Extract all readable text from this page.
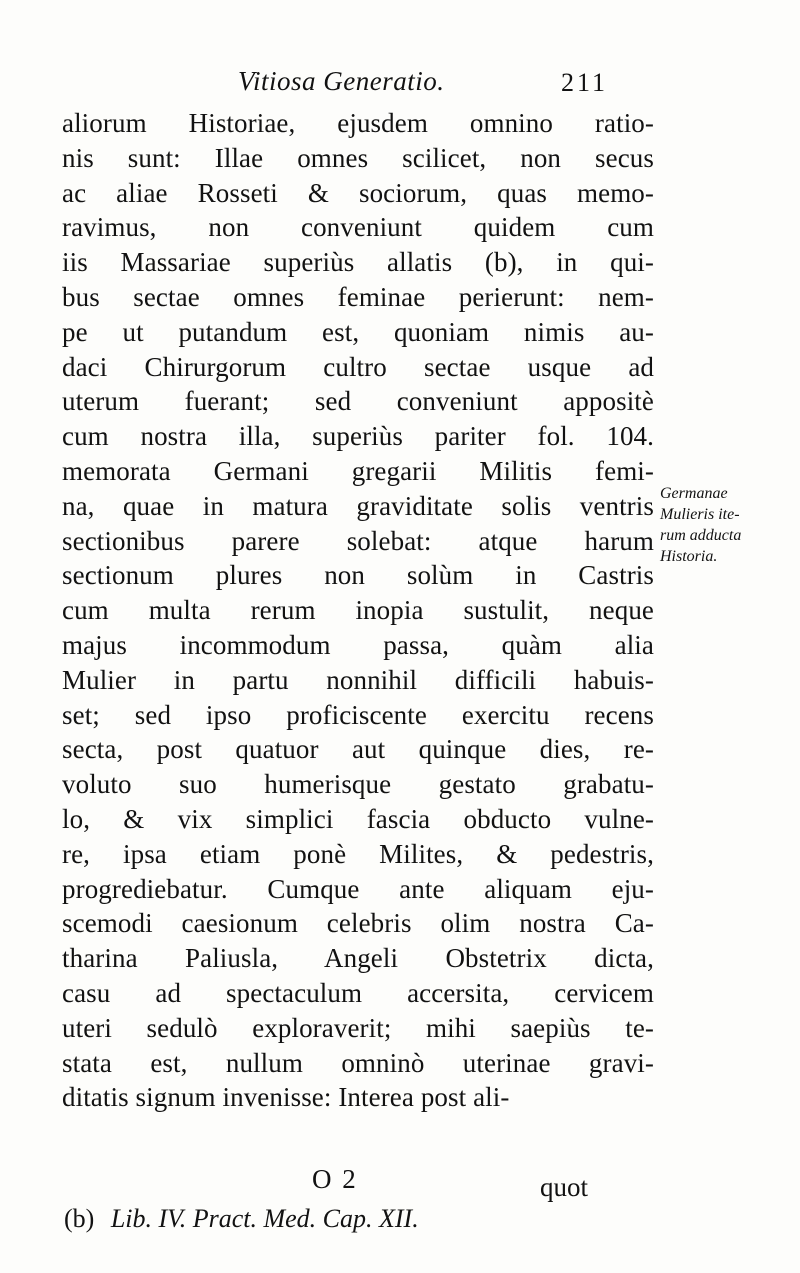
Vitiosa Generatio.	211
aliorum Historiae, ejusdem omnino ratio-
nis sunt: Illae omnes scilicet, non secus
ac aliae Rosseti & sociorum, quas memo-
ravimus, non conveniunt quidem cum
iis Massariae superiùs allatis (b), in qui-
bus sectae omnes feminae perierunt: nem-
pe ut putandum est, quoniam nimis au-
daci Chirurgorum cultro sectae usque ad
uterum fuerant; sed conveniunt appositè
cum nostra illa, superiùs pariter fol. 104.
memorata Germani gregarii Militis femi-
na, quae in matura graviditate solis ventris
sectionibus parere solebat: atque harum
sectionum plures non solùm in Castris
cum multa rerum inopia sustulit, neque
majus incommodum passa, quàm alia
Mulier in partu nonnihil difficili habuis-
set; sed ipso proficiscente exercitu recens
secta, post quatuor aut quinque dies, re-
voluto suo humerisque gestato grabatu-
lo, & vix simplici fascia obducto vulne-
re, ipsa etiam ponè Milites, & pedestris,
progrediebatur. Cumque ante aliquam eju-
scemodi caesionum celebris olim nostra Ca-
tharina Paliusla, Angeli Obstetrix dicta,
casu ad spectaculum accersita, cervicem
uteri sedulò exploraverit; mihi saepiùs te-
stata est, nullum omninò uterinae gravi-
ditatis signum invenisse: Interea post ali-
Germanae
Mulieris ite-
rum adducta
Historia.
O 2	quot
(b) Lib. IV. Pract. Med. Cap. XII.
